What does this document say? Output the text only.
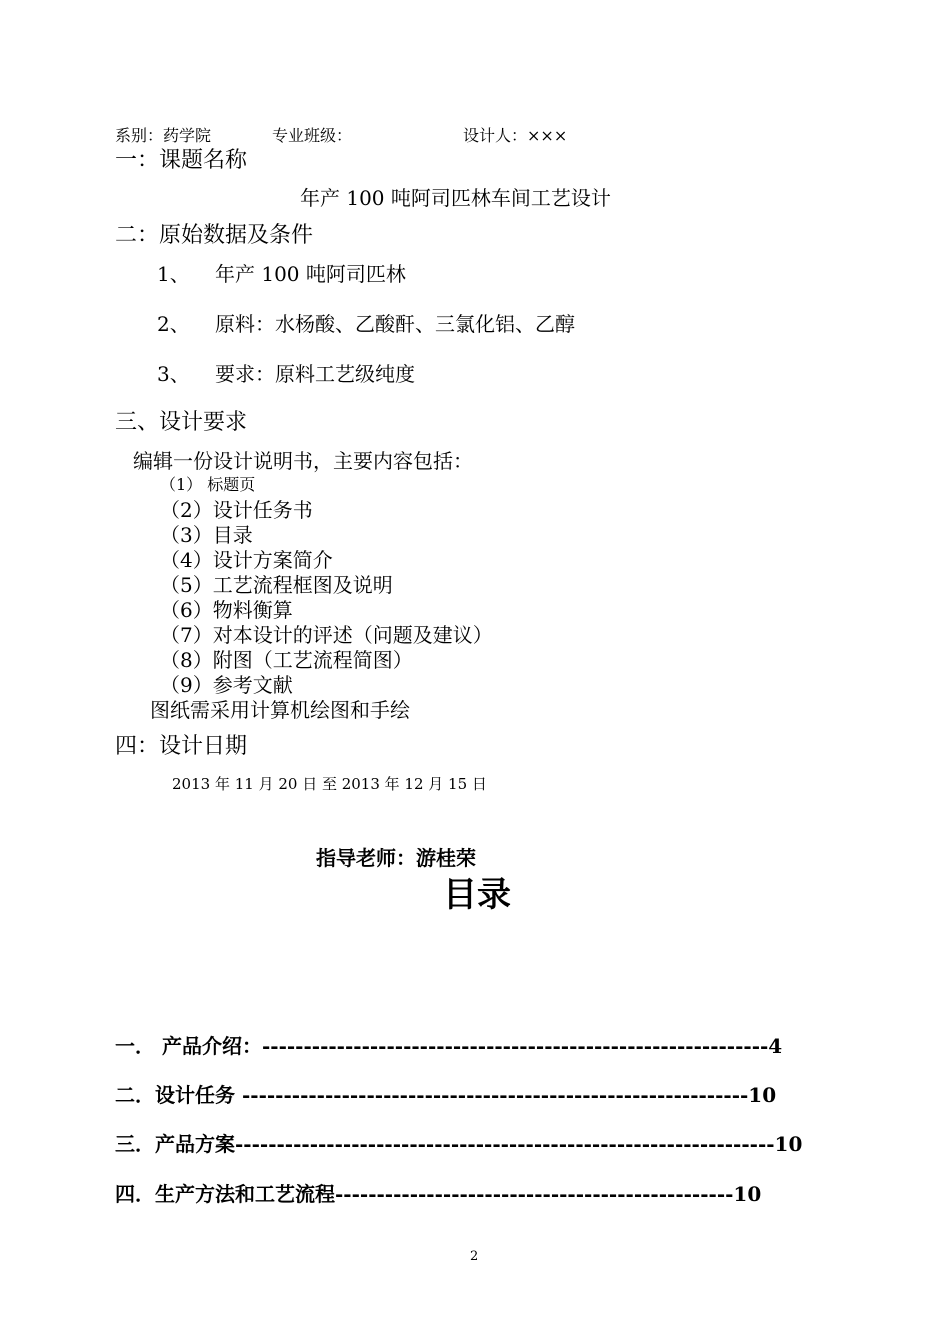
系别：药学院	专业班级：	设计人：×××
一：课题名称
年产 100 吨阿司匹林车间工艺设计
二：原始数据及条件
1、 年产 100 吨阿司匹林
2、 原料：水杨酸、乙酸酐、三氯化铝、乙醇
3、 要求：原料工艺级纯度
三、设计要求
编辑一份设计说明书，主要内容包括：
（1） 标题页
（2）设计任务书
（3）目录
（4）设计方案简介
（5）工艺流程框图及说明
（6）物料衡算
（7）对本设计的评述（问题及建议）
（8）附图（工艺流程简图）
（9）参考文献
图纸需采用计算机绘图和手绘
四：设计日期
2013 年 11 月 20 日 至 2013 年 12 月 15 日
指导老师：游桂荣
目录
一． 产品介绍：-------------------------------------------------------------4
二．设计任务 -------------------------------------------------------------10
三．产品方案-----------------------------------------------------------------10
四．生产方法和工艺流程------------------------------------------------10
2
